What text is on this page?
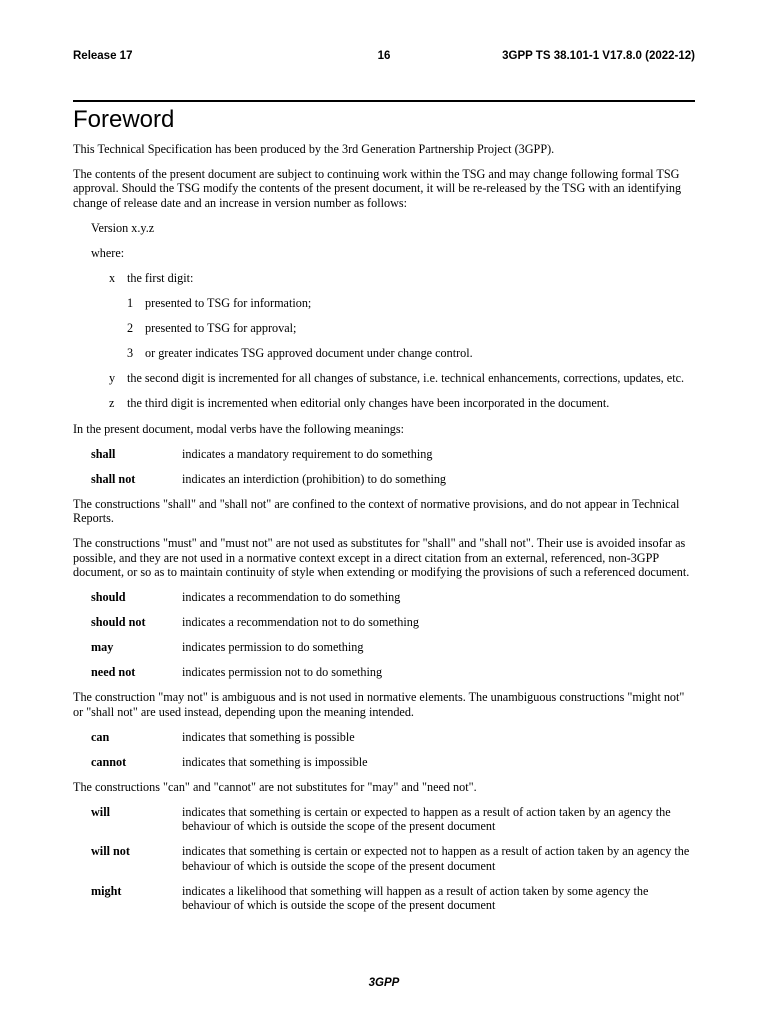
Release 17	16	3GPP TS 38.101-1 V17.8.0 (2022-12)
Foreword
This Technical Specification has been produced by the 3rd Generation Partnership Project (3GPP).
The contents of the present document are subject to continuing work within the TSG and may change following formal TSG approval. Should the TSG modify the contents of the present document, it will be re-released by the TSG with an identifying change of release date and an increase in version number as follows:
Version x.y.z
where:
x the first digit:
1 presented to TSG for information;
2 presented to TSG for approval;
3 or greater indicates TSG approved document under change control.
y the second digit is incremented for all changes of substance, i.e. technical enhancements, corrections, updates, etc.
z	the third digit is incremented when editorial only changes have been incorporated in the document.
In the present document, modal verbs have the following meanings:
shall	indicates a mandatory requirement to do something
shall not	indicates an interdiction (prohibition) to do something
The constructions "shall" and "shall not" are confined to the context of normative provisions, and do not appear in Technical Reports.
The constructions "must" and "must not" are not used as substitutes for "shall" and "shall not". Their use is avoided insofar as possible, and they are not used in a normative context except in a direct citation from an external, referenced, non-3GPP document, or so as to maintain continuity of style when extending or modifying the provisions of such a referenced document.
should	indicates a recommendation to do something
should not	indicates a recommendation not to do something
may	indicates permission to do something
need not	indicates permission not to do something
The construction "may not" is ambiguous and is not used in normative elements. The unambiguous constructions "might not" or "shall not" are used instead, depending upon the meaning intended.
can	indicates that something is possible
cannot	indicates that something is impossible
The constructions "can" and "cannot" are not substitutes for "may" and "need not".
will	indicates that something is certain or expected to happen as a result of action taken by an agency the behaviour of which is outside the scope of the present document
will not	indicates that something is certain or expected not to happen as a result of action taken by an agency the behaviour of which is outside the scope of the present document
might	indicates a likelihood that something will happen as a result of action taken by some agency the behaviour of which is outside the scope of the present document
3GPP
